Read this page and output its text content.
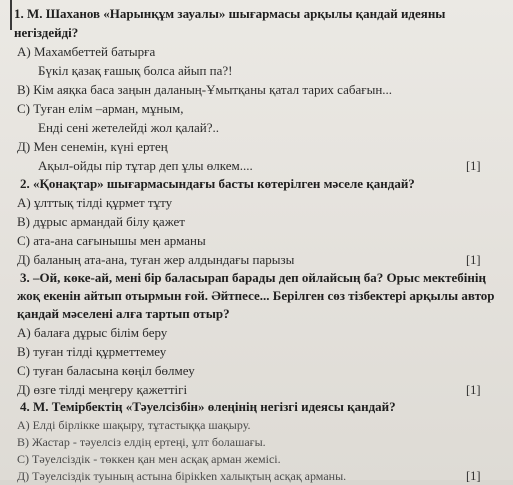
1. М. Шаханов «Нарынқұм зауалы» шығармасы арқылы қандай идеяны
негіздейді?
А) Махамбеттей батырға
Бүкіл қазақ ғашық болса айып па?!
В) Кім аяқка баса заңын даланың-Ұмытқаны қатал тарих сабағын...
С) Туған елім –арман, мұным,
Енді сені жетелейді жол қалай?..
Д) Мен сенемін, күні ертең
Ақыл-ойды пір тұтар деп ұлы өлкем....	[1]
2. «Қонақтар» шығармасындағы басты көтерілген мәселе қандай?
А) ұлттық тілді құрмет тұту
В) дұрыс армандай білу қажет
С) ата-ана сағынышы мен арманы
Д) баланың ата-ана, туған жер алдындағы парызы	[1]
3. –Ой, көке-ай, мені бір баласырап барады деп ойлайсың ба? Орыс мектебінің
жоқ екенін айтып отырмын ғой. Әйтпесе... Берілген сөз тізбектері арқылы автор
қандай мәселені алға тартып отыр?
А) балаға дұрыс білім беру
В) туған тілді құрметтемеу
С) туған баласына көңіл бөлмеу
Д) өзге тілді меңгеру қажеттігі	[1]
4. М. Темірбектің «Тәуелсізбін» өлеңінің негізгі идеясы қандай?
А) Елді бірлікке шақыру, тұтастыққа шақыру.
В) Жастар - тәуелсіз елдің ертеңі, ұлт болашағы.
С) Тәуелсіздік - төккен қан мен асқақ арман жемісі.
Д) Тәуелсіздік туының астына бірікken халықтың асқақ арманы.	[1]
